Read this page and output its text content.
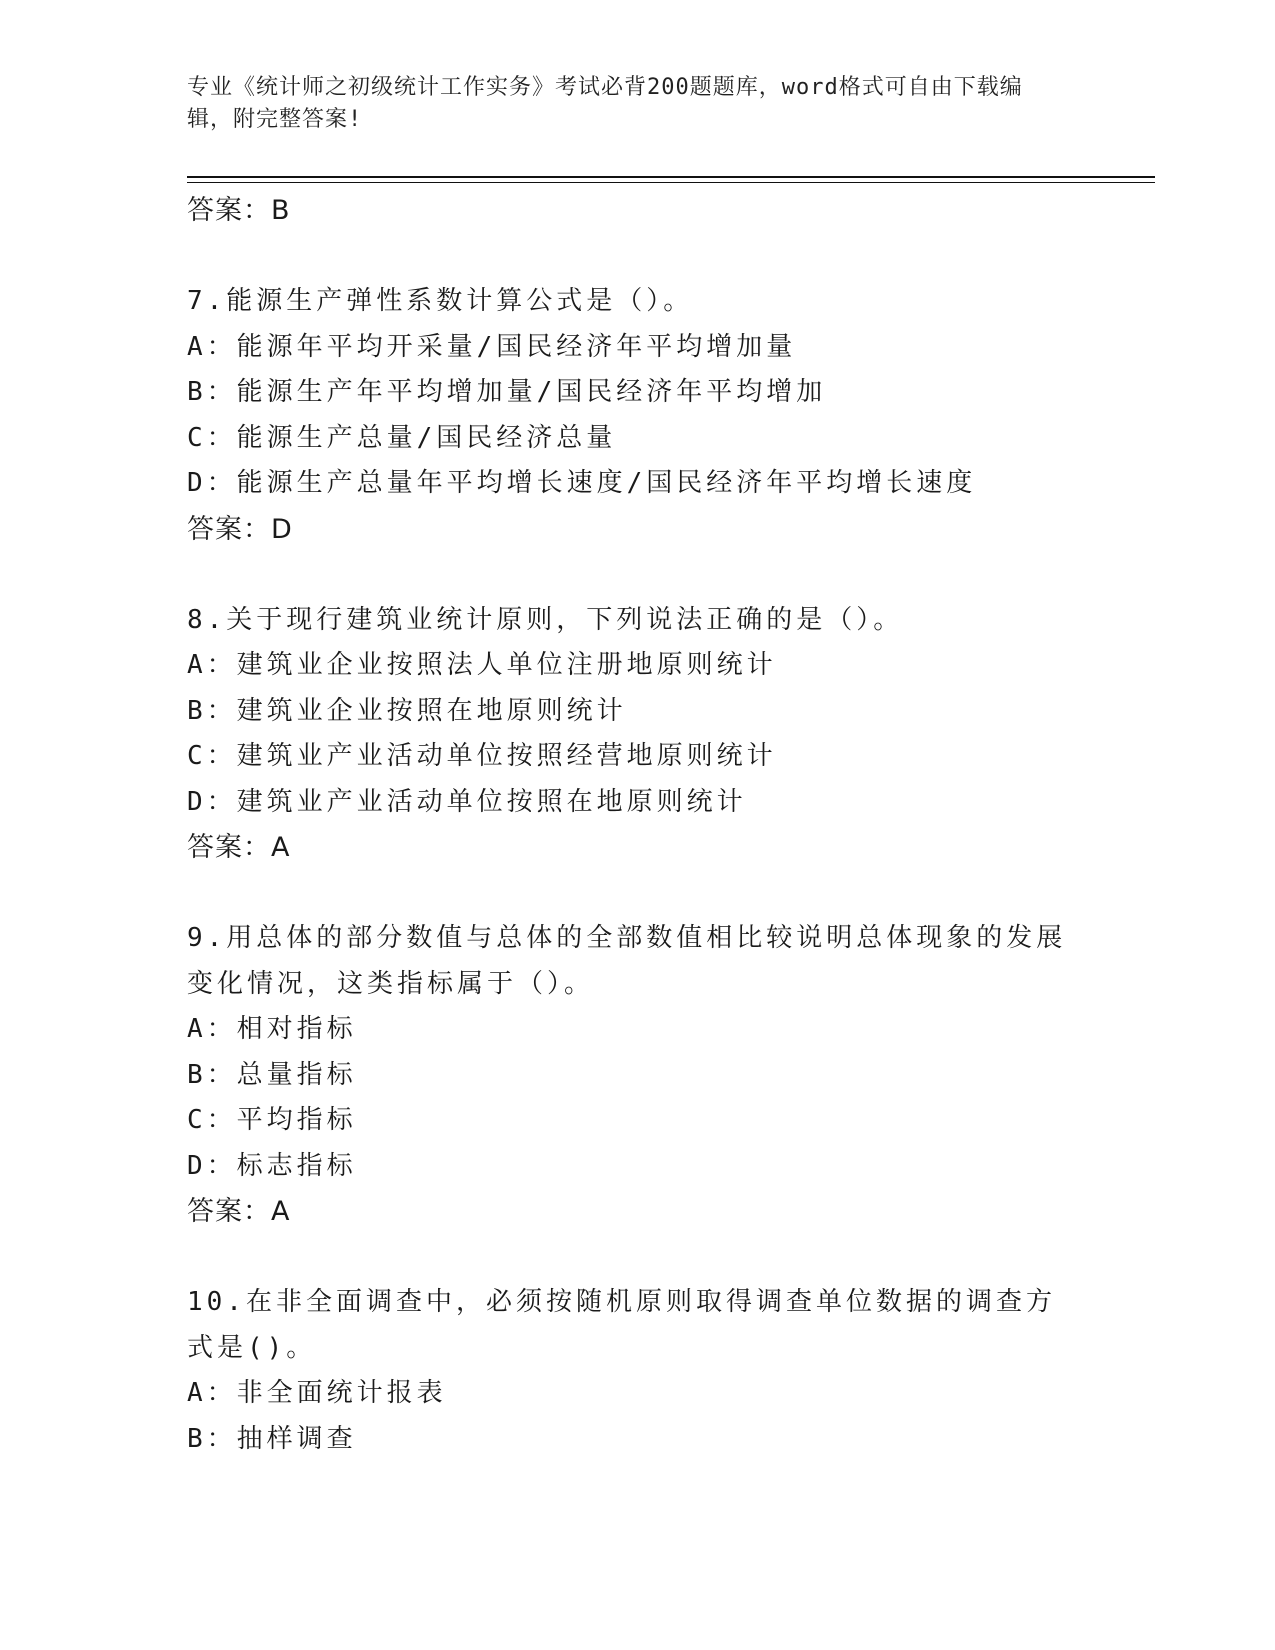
专业《统计师之初级统计工作实务》考试必背200题题库，word格式可自由下载编辑，附完整答案!
答案：B
7.能源生产弹性系数计算公式是（）。
A：能源年平均开采量/国民经济年平均增加量
B：能源生产年平均增加量/国民经济年平均增加
C：能源生产总量/国民经济总量
D：能源生产总量年平均增长速度/国民经济年平均增长速度
答案：D
8.关于现行建筑业统计原则，下列说法正确的是（）。
A：建筑业企业按照法人单位注册地原则统计
B：建筑业企业按照在地原则统计
C：建筑业产业活动单位按照经营地原则统计
D：建筑业产业活动单位按照在地原则统计
答案：A
9.用总体的部分数值与总体的全部数值相比较说明总体现象的发展变化情况，这类指标属于（）。
A：相对指标
B：总量指标
C：平均指标
D：标志指标
答案：A
10.在非全面调查中，必须按随机原则取得调查单位数据的调查方式是()。
A：非全面统计报表
B：抽样调查
